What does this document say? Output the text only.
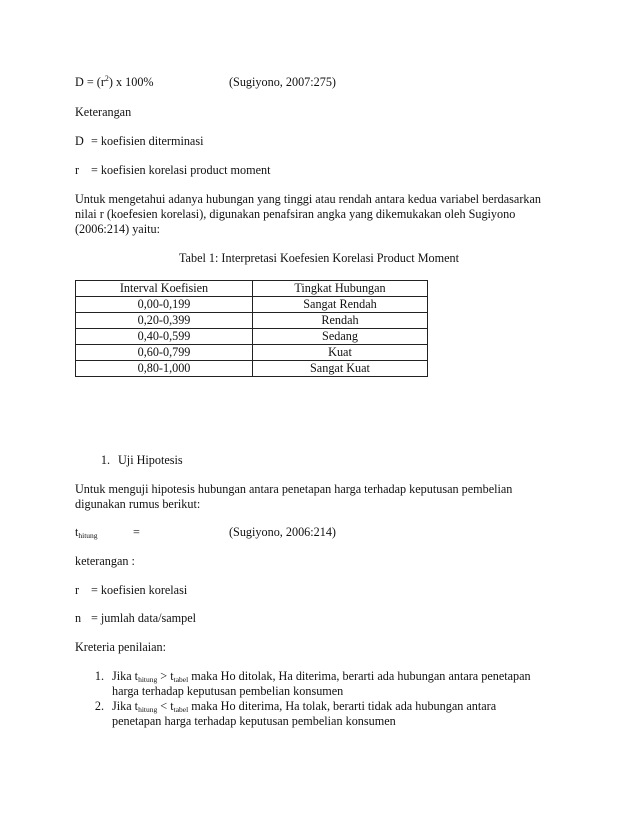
$D = (r^2)$ x 100%	(Sugiyono, 2007:275)
Keterangan
D = koefisien diterminasi
r = koefisien korelasi product moment
Untuk mengetahui adanya hubungan yang tinggi atau rendah antara kedua variabel berdasarkan
nilai r (koefesien korelasi), digunakan penafsiran angka yang dikemukakan oleh Sugiyono
(2006:214) yaitu:
Tabel 1: Interpretasi Koefesien Korelasi Product Moment
Interval Koefisien	Tingkat Hubungan
0,00-0,199	Sangat Rendah
0,20-0,399	Rendah
0,40-0,599	Sedang
0,60-0,799	Kuat
0,80-1,000	Sangat Kuat
1. Uji Hipotesis
Untuk menguji hipotesis hubungan antara penetapan harga terhadap keputusan pembelian
digunakan rumus berikut:
$t_{hitung}$	=	(Sugiyono, 2006:214)
keterangan :
r = koefisien korelasi
n = jumlah data/sampel
Kreteria penilaian:
1. Jika $t_{hitung} > t_{tabel}$ maka Ho ditolak, Ha diterima, berarti ada hubungan antara penetapan
harga terhadap keputusan pembelian konsumen
2. Jika $t_{hitung} < t_{tabel}$ maka Ho diterima, Ha tolak, berarti tidak ada hubungan antara
penetapan harga terhadap keputusan pembelian konsumen
